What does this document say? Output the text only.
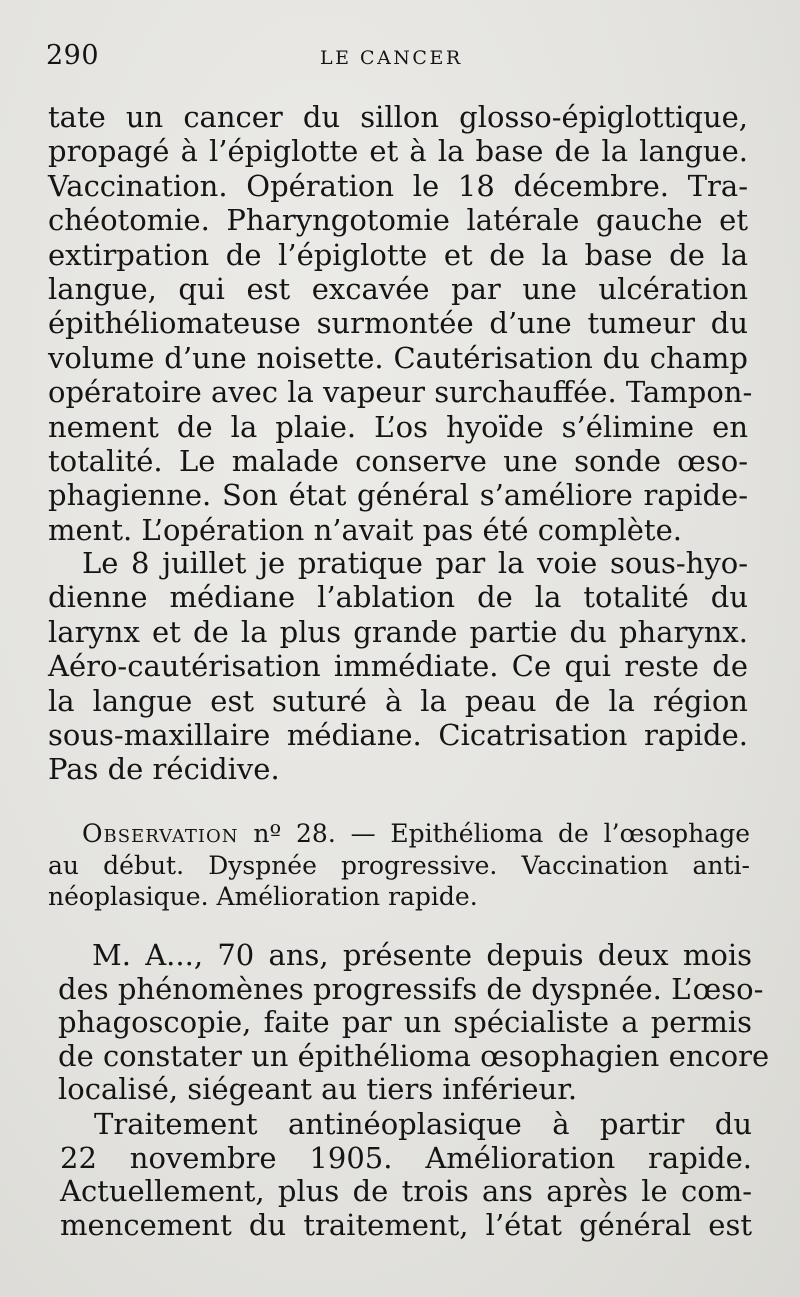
290	LE CANCER
tate un cancer du sillon glosso-épiglottique,
propagé à l’épiglotte et à la base de la langue.
Vaccination. Opération le 18 décembre. Tra-
chéotomie. Pharyngotomie latérale gauche et
extirpation de l’épiglotte et de la base de la
langue, qui est excavée par une ulcération
épithéliomateuse surmontée d’une tumeur du
volume d’une noisette. Cautérisation du champ
opératoire avec la vapeur surchauffée. Tampon-
nement de la plaie. L’os hyoïde s’élimine en
totalité. Le malade conserve une sonde œso-
phagienne. Son état général s’améliore rapide-
ment. L’opération n’avait pas été complète.
Le 8 juillet je pratique par la voie sous-hyo-
dienne médiane l’ablation de la totalité du
larynx et de la plus grande partie du pharynx.
Aéro-cautérisation immédiate. Ce qui reste de
la langue est suturé à la peau de la région
sous-maxillaire médiane. Cicatrisation rapide.
Pas de récidive.
Observation nº 28. — Epithélioma de l’œsophage
au début. Dyspnée progressive. Vaccination anti-
néoplasique. Amélioration rapide.
M. A..., 70 ans, présente depuis deux mois
des phénomènes progressifs de dyspnée. L’œso-
phagoscopie, faite par un spécialiste a permis
de constater un épithélioma œsophagien encore
localisé, siégeant au tiers inférieur.
Traitement antinéoplasique à partir du
22 novembre 1905. Amélioration rapide.
Actuellement, plus de trois ans après le com-
mencement du traitement, l’état général est
